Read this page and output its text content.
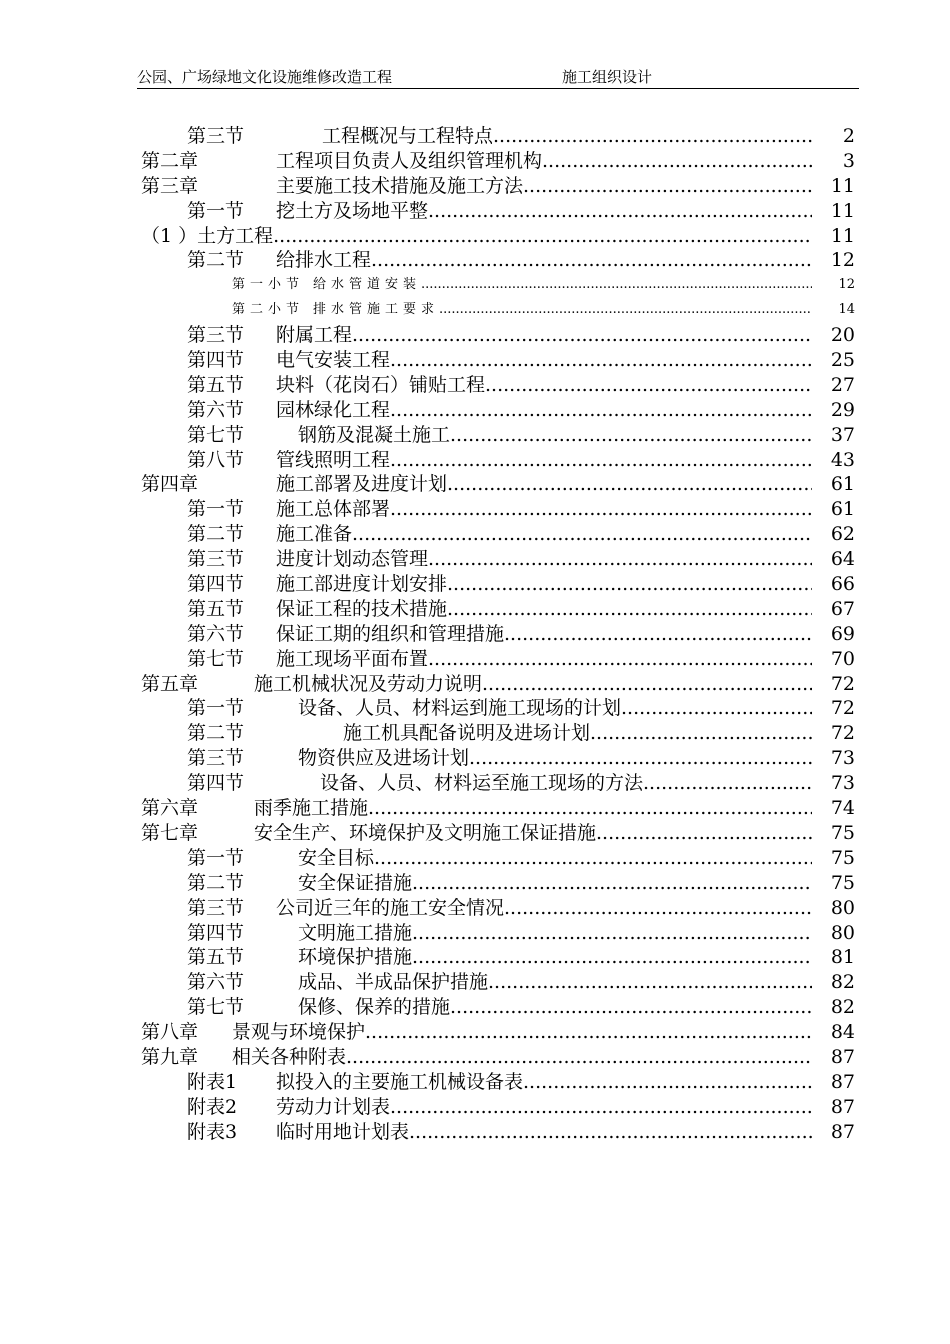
公园、广场绿地文化设施维修改造工程	施工组织设计
第三节	工程概况与工程特点 .....	2
第二章	工程项目负责人及组织管理机构 .....	3
第三章	主要施工技术措施及施工方法 .....	11
第一节 挖土方及场地平整 .....	11
（1 ）土方工程 .....	11
第二节 给排水工程 .....	12
第一小节 给水管道安装 .....	12
第二小节 排水管施工要求 .....	14
第三节 附属工程 .....	20
第四节 电气安装工程 .....	25
第五节 块料（花岗石）铺贴工程 .....	27
第六节 园林绿化工程 .....	29
第七节	钢筋及混凝土施工 .....	37
第八节 管线照明工程 .....	43
第四章	施工部署及进度计划 .....	61
第一节 施工总体部署 .....	61
第二节 施工准备 .....	62
第三节 进度计划动态管理 .....	64
第四节 施工部进度计划安排 .....	66
第五节 保证工程的技术措施 .....	67
第六节 保证工期的组织和管理措施 .....	69
第七节 施工现场平面布置 .....	70
第五章	施工机械状况及劳动力说明 .....	72
第一节	设备、人员、材料运到施工现场的计划 .....	72
第二节	施工机具配备说明及进场计划 .....	72
第三节	物资供应及进场计划 .....	73
第四节	设备、人员、材料运至施工现场的方法 .....	73
第六章	雨季施工措施 .....	74
第七章	安全生产、环境保护及文明施工保证措施 .....	75
第一节	安全目标 .....	75
第二节	安全保证措施 .....	75
第三节 公司近三年的施工安全情况 .....	80
第四节	文明施工措施 .....	80
第五节	环境保护措施 .....	81
第六节	成品、半成品保护措施 .....	82
第七节	保修、保养的措施 .....	82
第八章 景观与环境保护 .....	84
第九章 相关各种附表 .....	87
附表1 拟投入的主要施工机械设备表 .....	87
附表2 劳动力计划表 .....	87
附表3 临时用地计划表 .....	87
